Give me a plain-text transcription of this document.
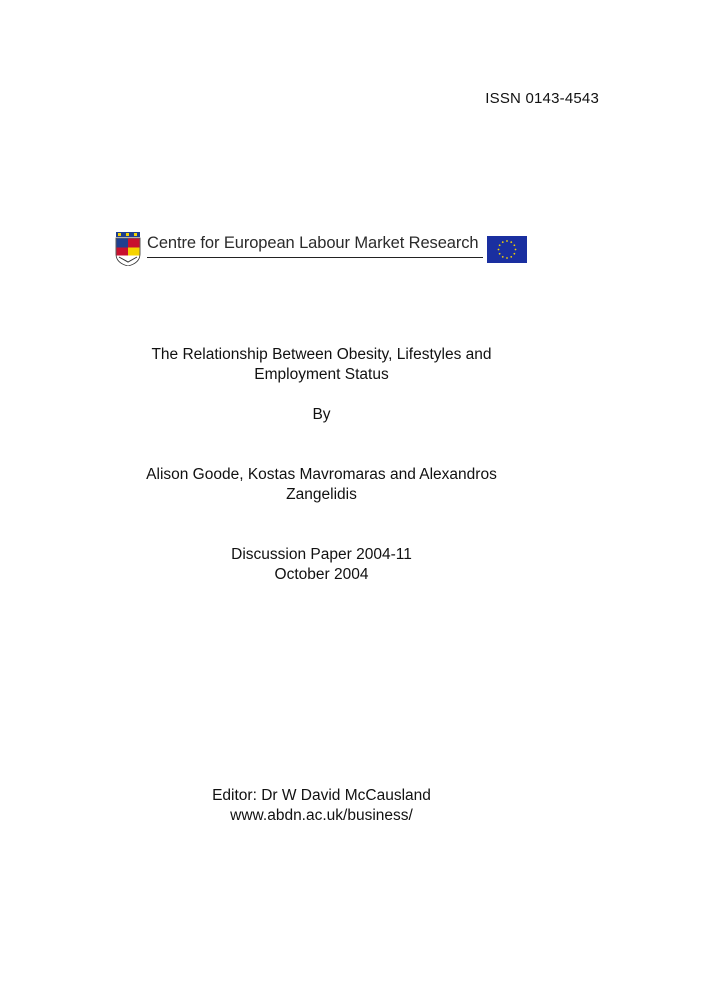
ISSN 0143-4543
Centre for European Labour Market Research
The Relationship Between Obesity, Lifestyles and
Employment Status
By
Alison Goode, Kostas Mavromaras and Alexandros
Zangelidis
Discussion Paper 2004-11
October 2004
Editor: Dr W David McCausland
www.abdn.ac.uk/business/
